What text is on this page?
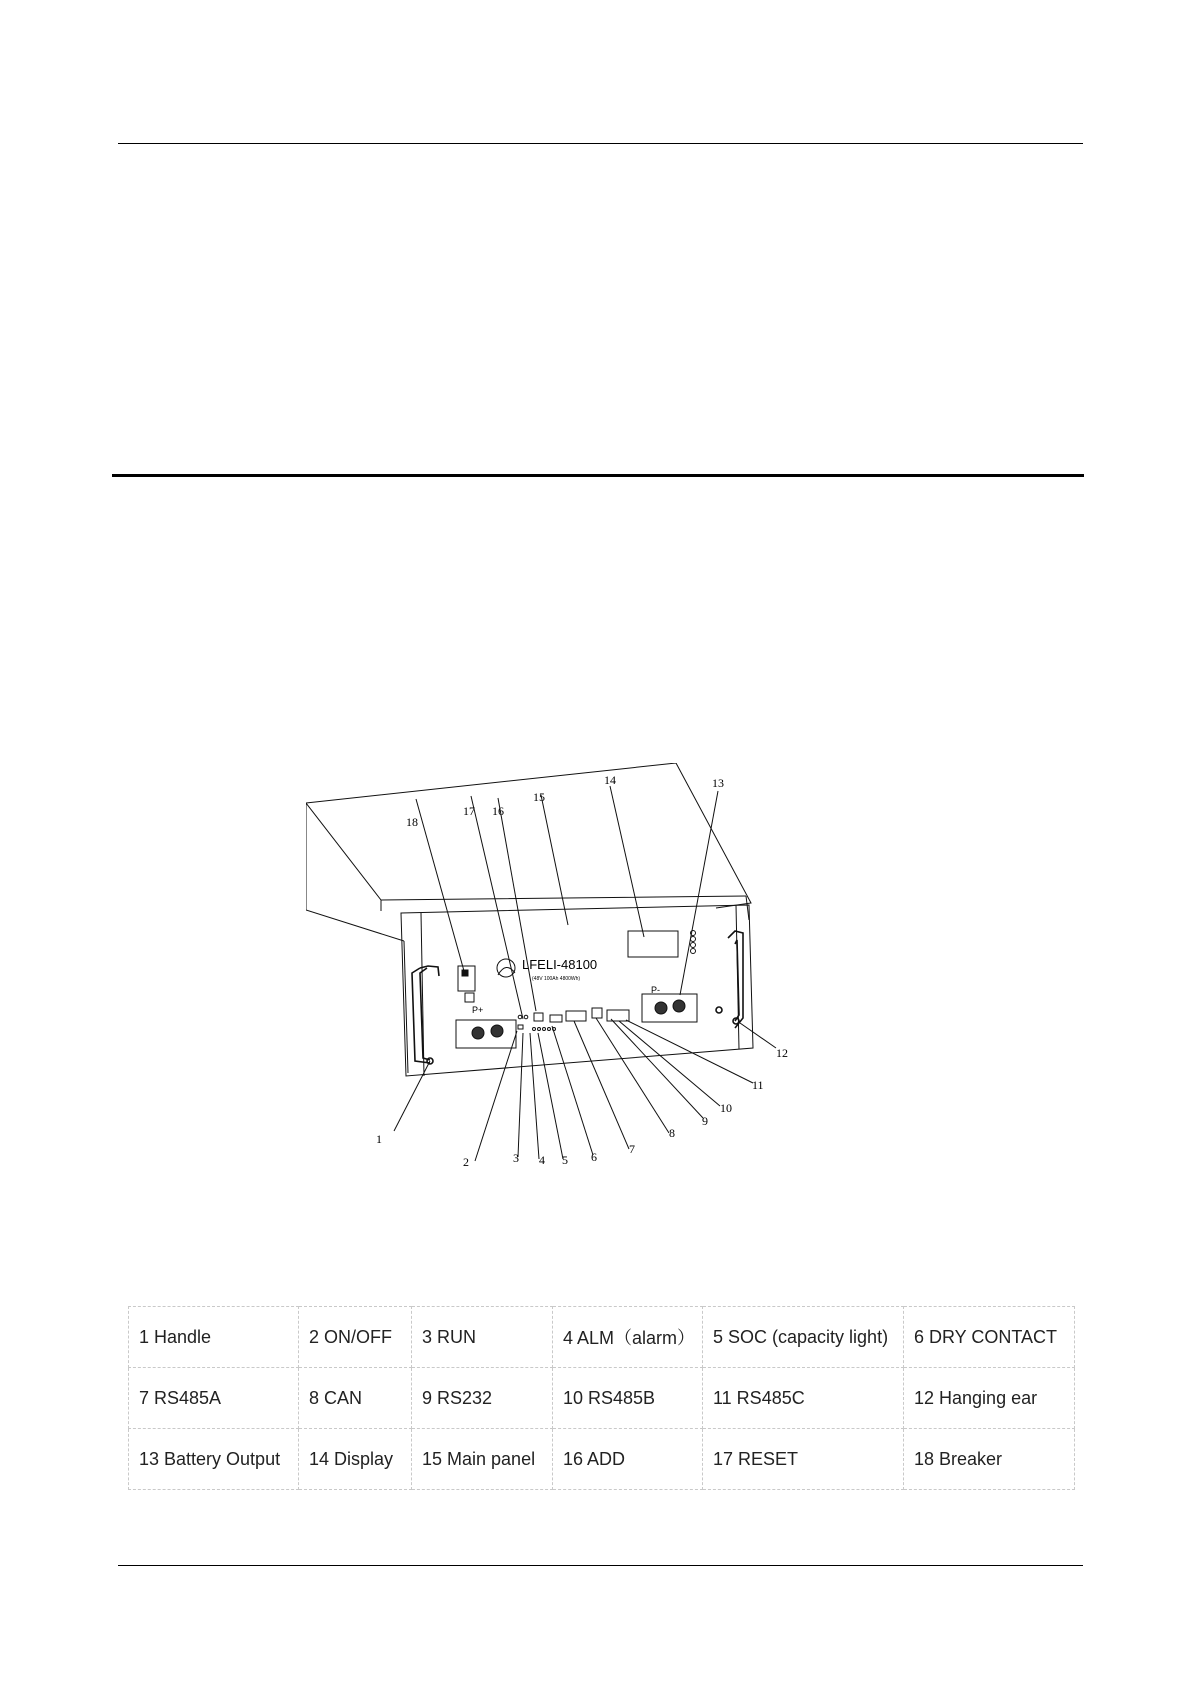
LFELI-48100
(48V 100Ah 4800Wh)
P+
P-
1
2	3 4 5 6
7
8
9
10
11
12
13
14
15
16
17
18
1 Handle	2 ON/OFF	3 RUN	4 ALM（alarm）	5 SOC (capacity light)	6 DRY CONTACT
7 RS485A	8 CAN	9 RS232	10 RS485B	11 RS485C	12 Hanging ear
13 Battery Output	14 Display	15 Main panel	16 ADD	17 RESET	18 Breaker
